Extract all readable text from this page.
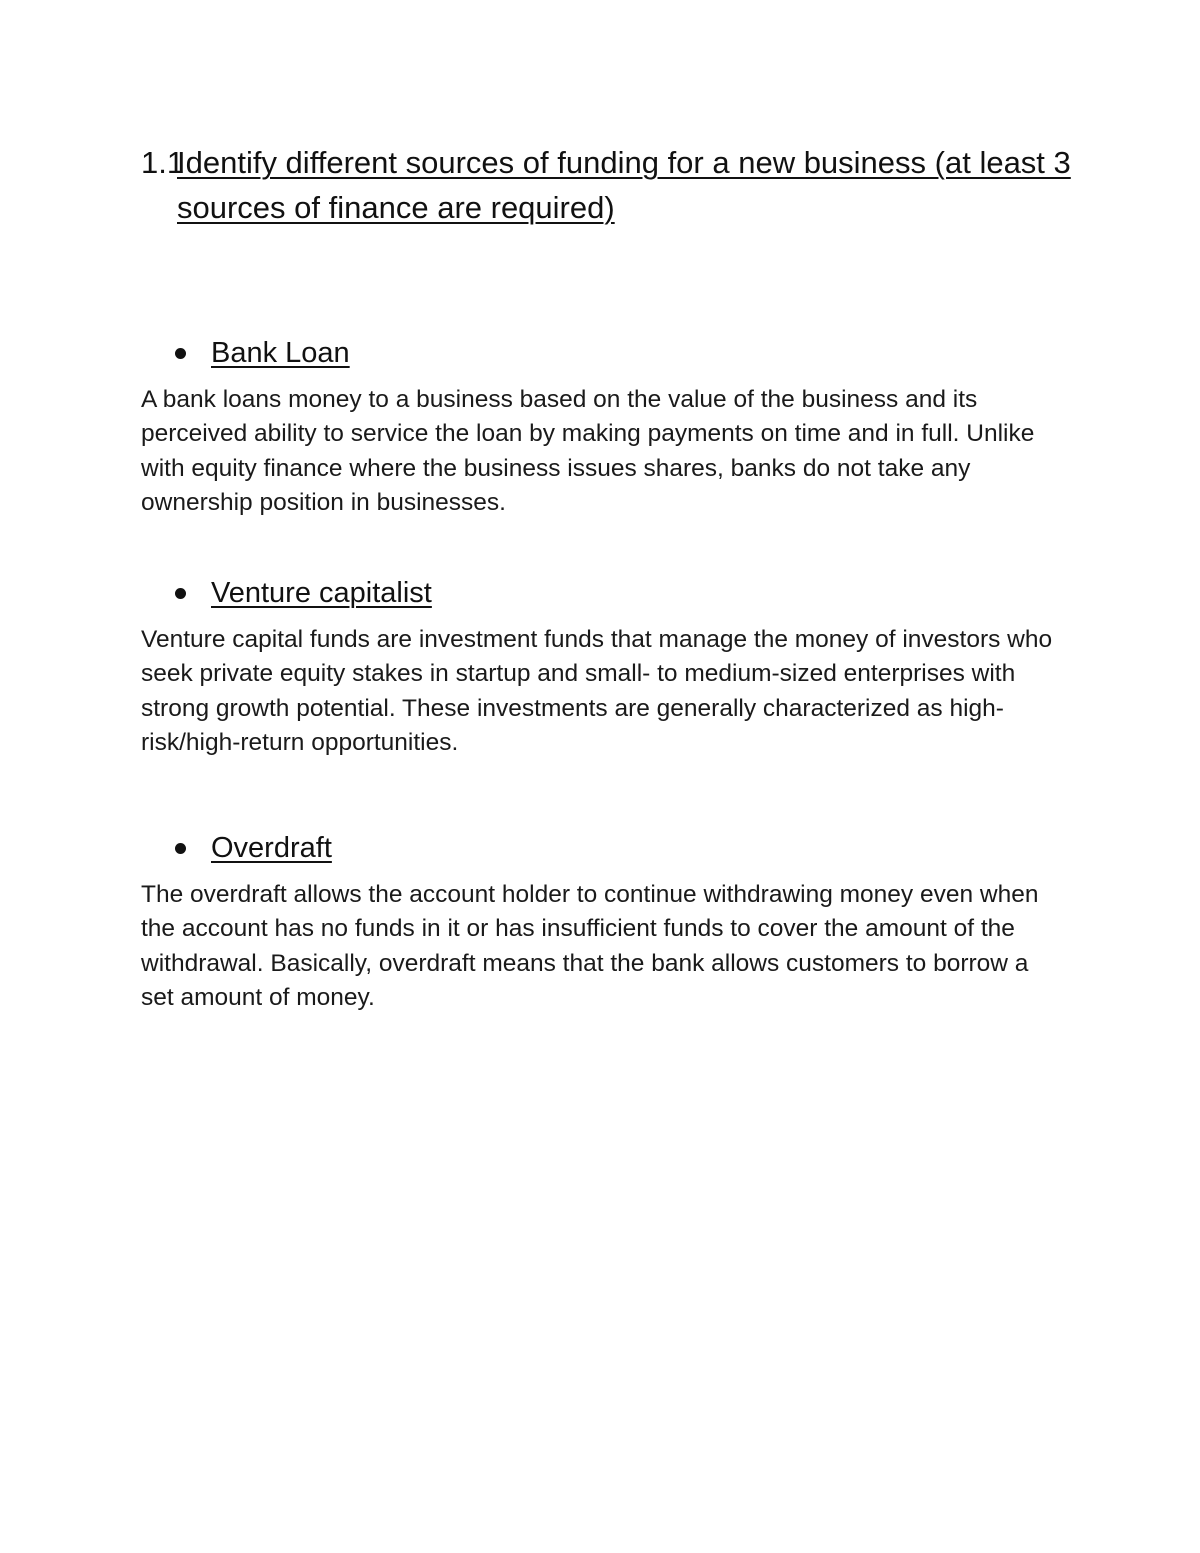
1.1
Identify different sources of funding for a new business (at least 3 sources of finance are required)
Bank Loan

A bank loans money to a business based on the value of the business and its perceived ability to service the loan by making payments on time and in full. Unlike with equity finance where the business issues shares, banks do not take any ownership position in businesses.

Venture capitalist

Venture capital funds are investment funds that manage the money of investors who seek private equity stakes in startup and small- to medium-sized enterprises with strong growth potential. These investments are generally characterized as high-risk/high-return opportunities.

Overdraft

The overdraft allows the account holder to continue withdrawing money even when the account has no funds in it or has insufficient funds to cover the amount of the withdrawal. Basically, overdraft means that the bank allows customers to borrow a set amount of money.
